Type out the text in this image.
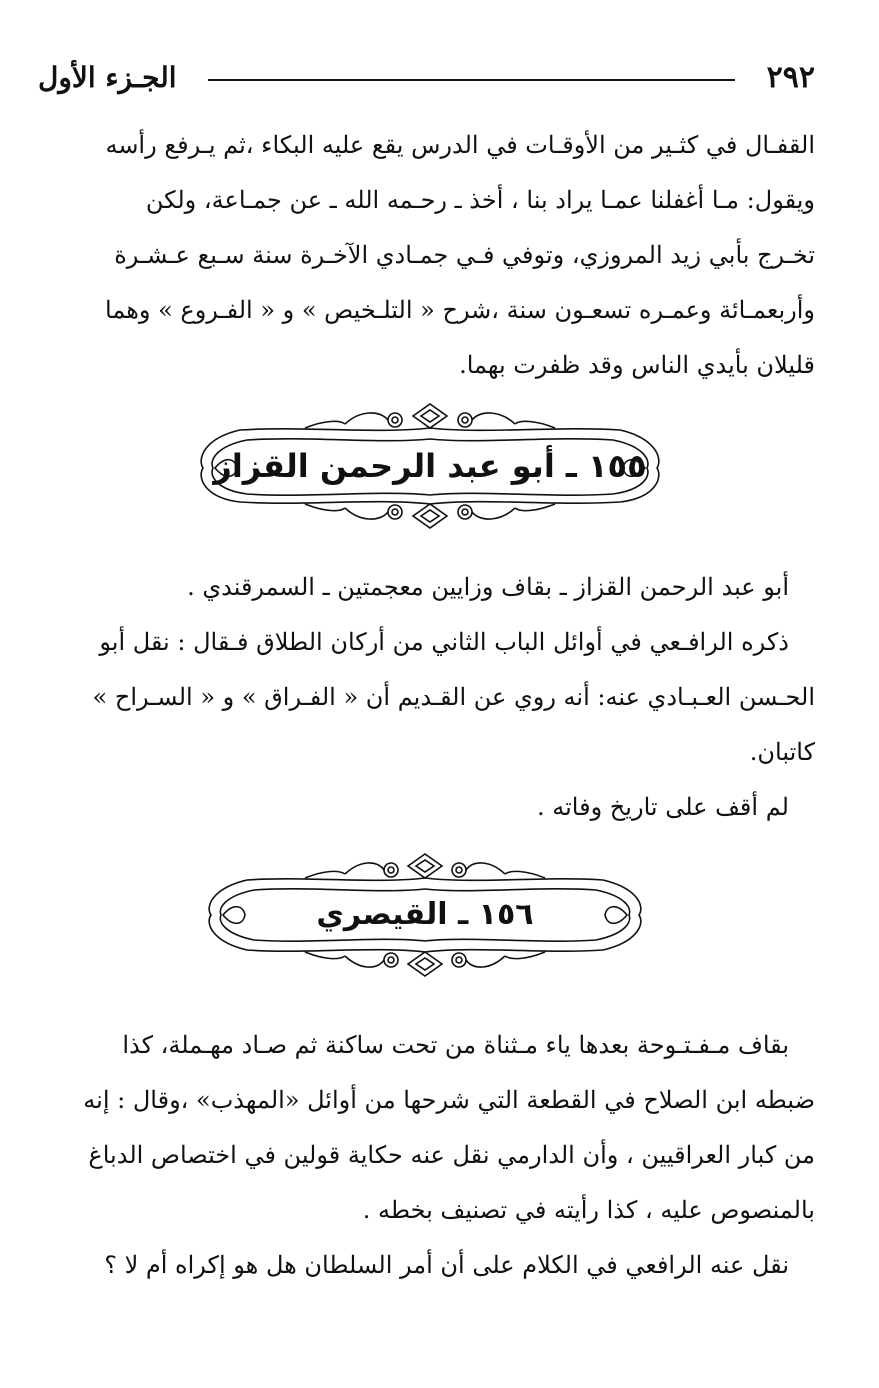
٢٩٢
الجـزء الأول

القفـال في كثـير من الأوقـات في الدرس يقع عليه البكاء ،ثم يـرفع رأسه

ويقول: مـا أغفلنا عمـا يراد بنا ، أخذ ـ رحـمه الله ـ عن جمـاعة، ولكن

تخـرج بأبي زيد المروزي، وتوفي فـي جمـادي الآخـرة سنة سـبع عـشـرة

وأربعمـائة وعمـره تسعـون سنة ،شرح « التلـخيص » و « الفـروع » وهما

قليلان بأيدي الناس وقد ظفرت بهما.

١٥٥ ـ أبو عبد الرحمن القزاز

أبو عبد الرحمن القزاز ـ بقاف وزايين معجمتين ـ السمرقندي .

ذكره الرافـعي في أوائل الباب الثاني من أركان الطلاق فـقال : نقل أبو

الحـسن العـبـادي عنه: أنه روي عن القـديم أن « الفـراق » و « السـراح »

كاتبان.

لم أقف على تاريخ وفاته .

١٥٦ ـ القيصري

بقاف مـفـتـوحة بعدها ياء مـثناة من تحت ساكنة ثم صـاد مهـملة، كذا

ضبطه ابن الصلاح في القطعة التي شرحها من أوائل «المهذب» ،وقال : إنه

من كبار العراقيين ، وأن الدارمي نقل عنه حكاية قولين في اختصاص الدباغ

بالمنصوص عليه ، كذا رأيته في تصنيف بخطه .

نقل عنه الرافعي في الكلام على أن أمر السلطان هل هو إكراه أم لا ؟
